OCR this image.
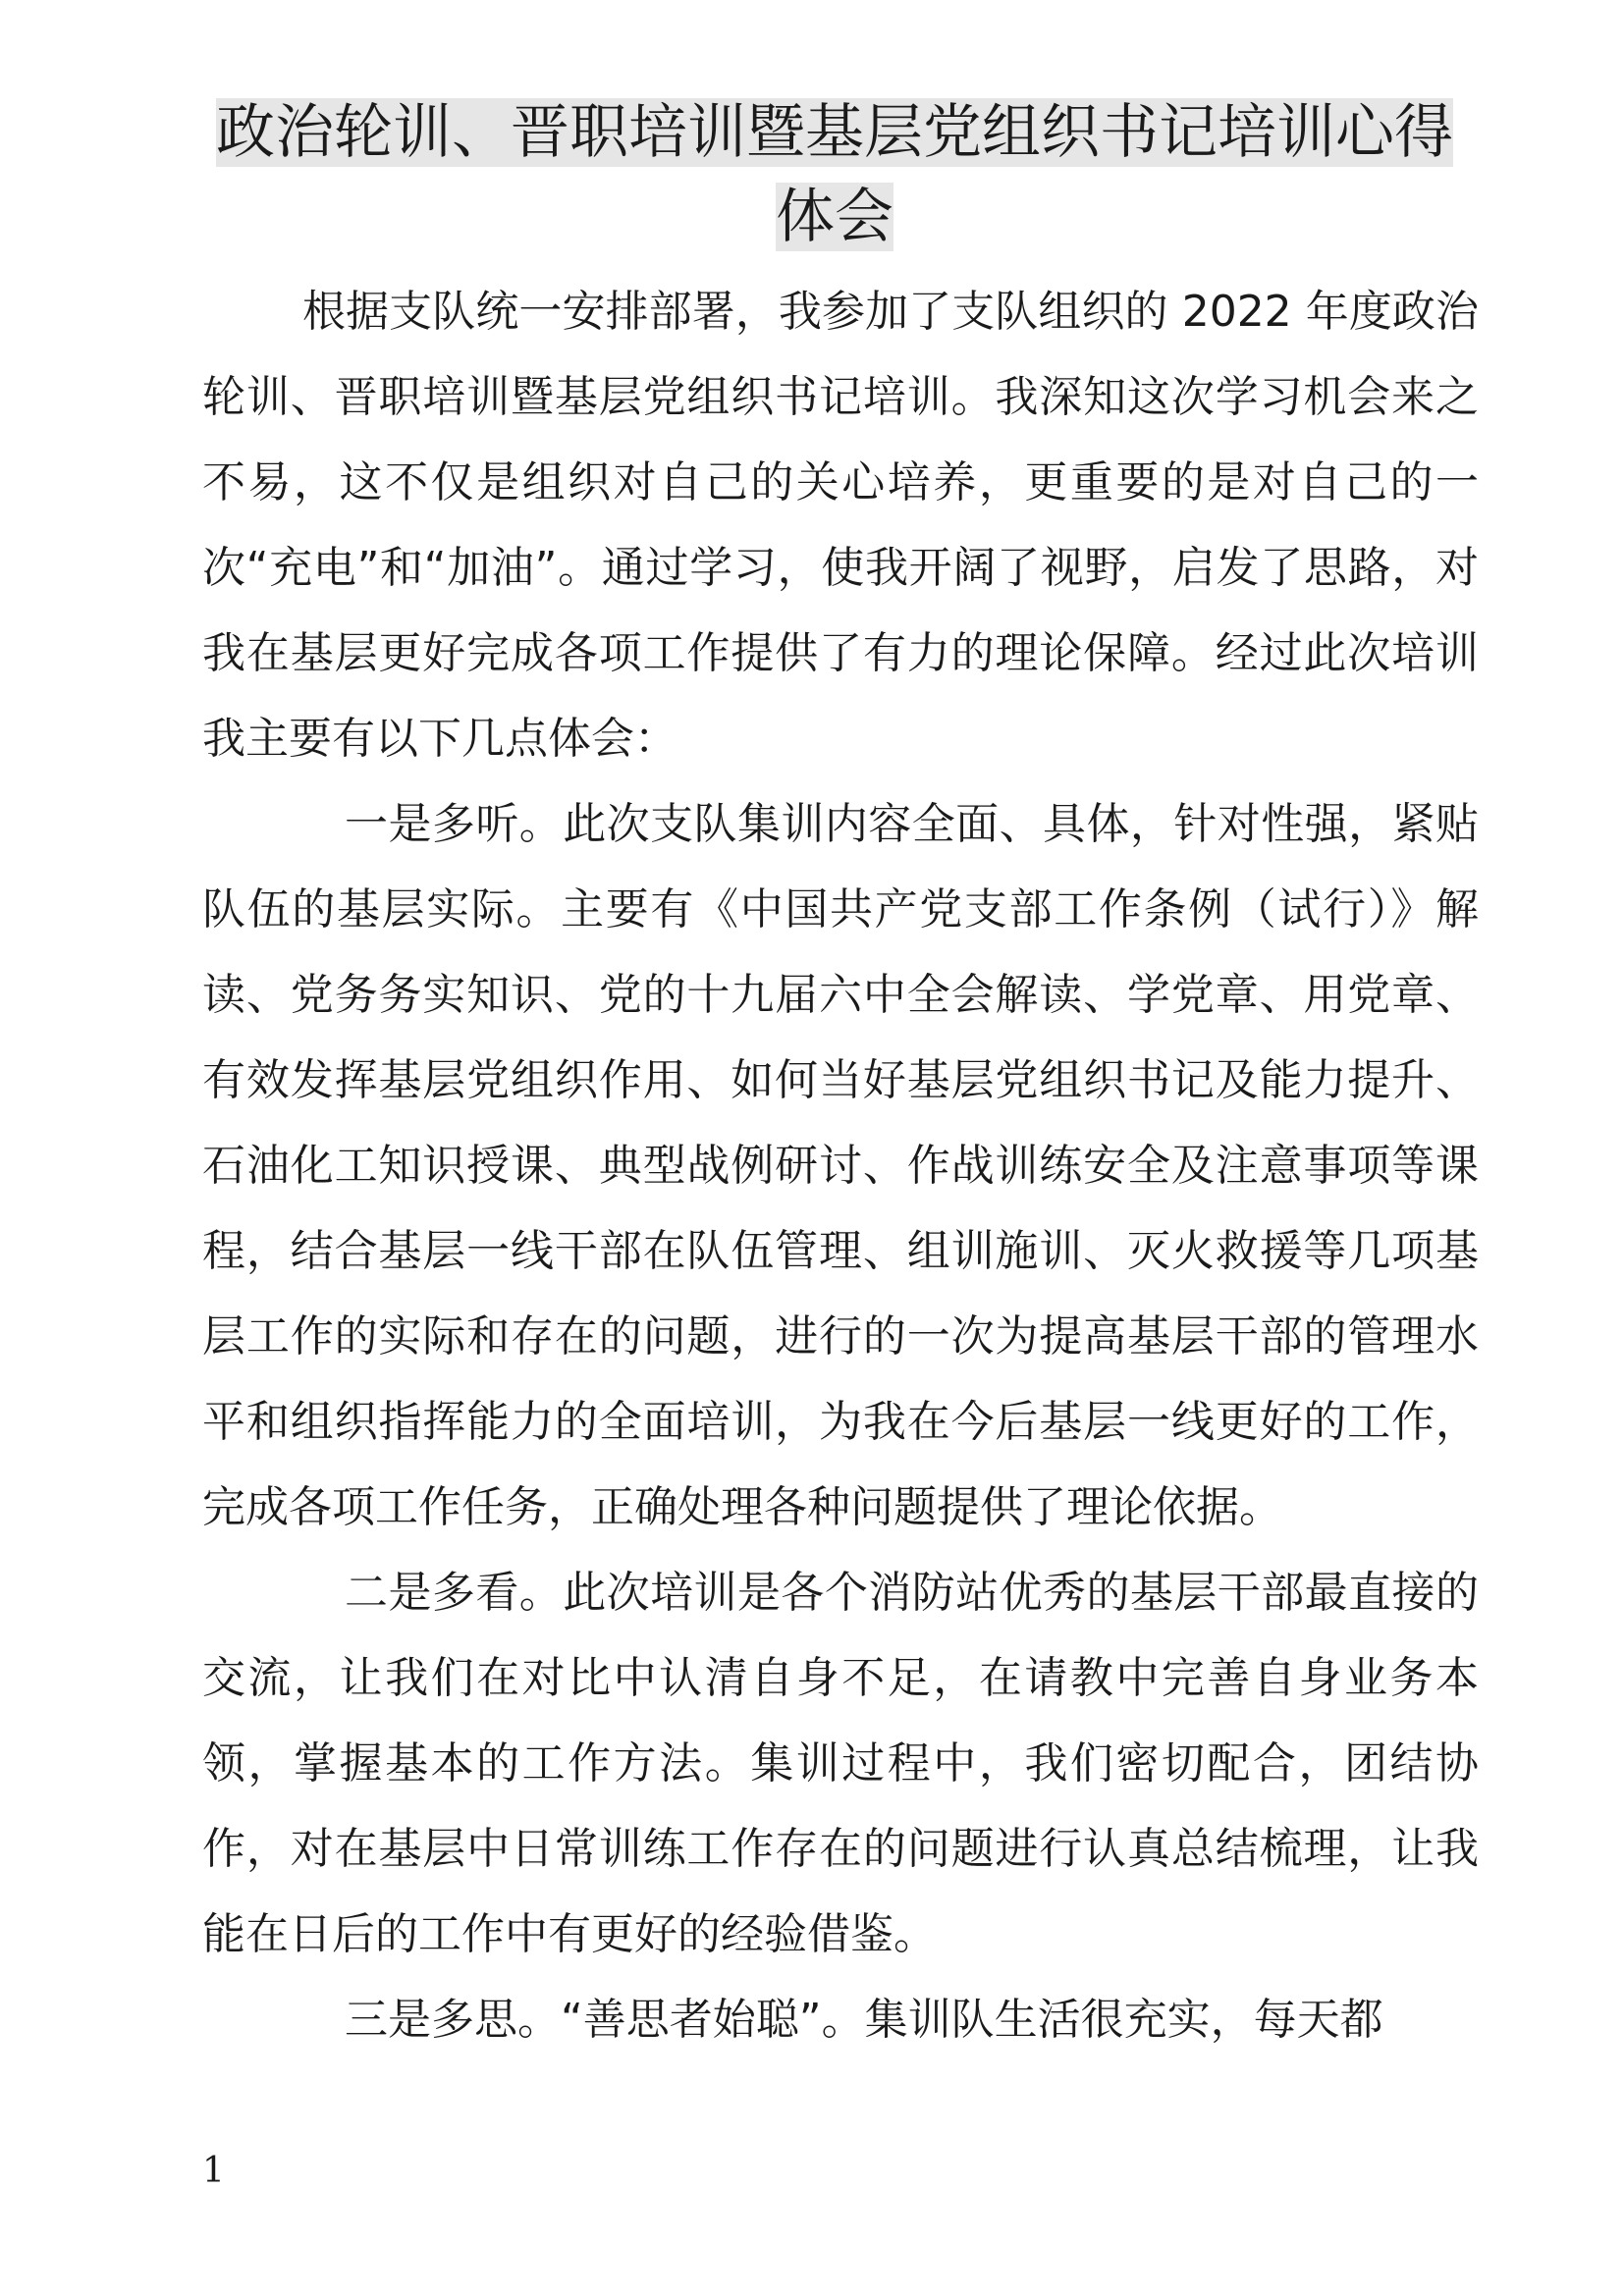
政治轮训、晋职培训暨基层党组织书记培训心得体会

根据支队统一安排部署，我参加了支队组织的 2022 年度政治轮训、晋职培训暨基层党组织书记培训。我深知这次学习机会来之不易，这不仅是组织对自己的关心培养，更重要的是对自己的一次“充电”和“加油”。通过学习，使我开阔了视野，启发了思路，对我在基层更好完成各项工作提供了有力的理论保障。经过此次培训我主要有以下几点体会：

一是多听。此次支队集训内容全面、具体，针对性强，紧贴队伍的基层实际。主要有《中国共产党支部工作条例（试行）》解读、党务务实知识、党的十九届六中全会解读、学党章、用党章、有效发挥基层党组织作用、如何当好基层党组织书记及能力提升、石油化工知识授课、典型战例研讨、作战训练安全及注意事项等课程，结合基层一线干部在队伍管理、组训施训、灭火救援等几项基层工作的实际和存在的问题，进行的一次为提高基层干部的管理水平和组织指挥能力的全面培训，为我在今后基层一线更好的工作，完成各项工作任务，正确处理各种问题提供了理论依据。

二是多看。此次培训是各个消防站优秀的基层干部最直接的交流，让我们在对比中认清自身不足，在请教中完善自身业务本领，掌握基本的工作方法。集训过程中，我们密切配合，团结协作，对在基层中日常训练工作存在的问题进行认真总结梳理，让我能在日后的工作中有更好的经验借鉴。

三是多思。“善思者始聪”。集训队生活很充实，每天都

1
